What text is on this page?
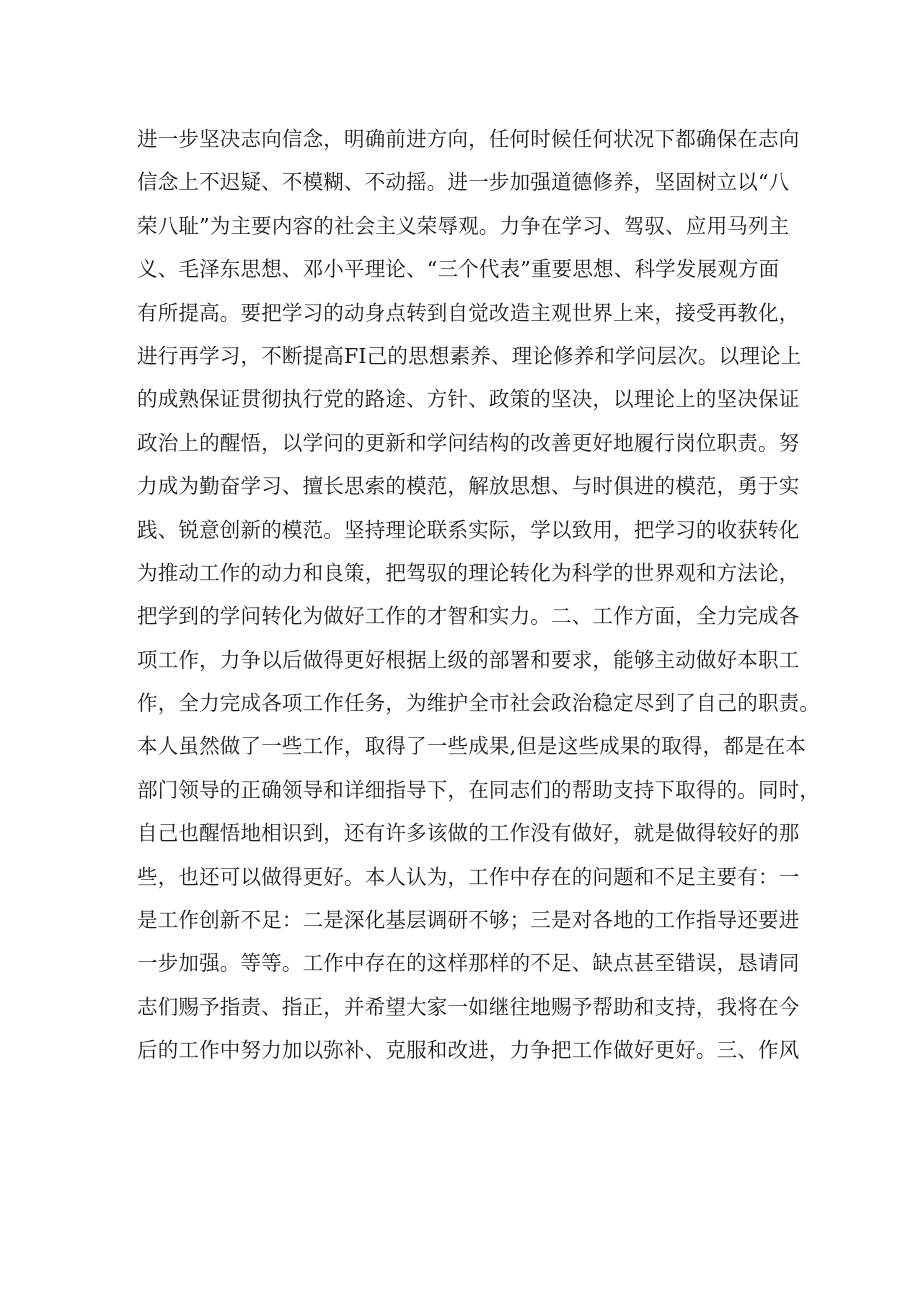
进一步坚决志向信念，明确前进方向，任何时候任何状况下都确保在志向
信念上不迟疑、不模糊、不动摇。进一步加强道德修养，坚固树立以“八
荣八耻”为主要内容的社会主义荣辱观。力争在学习、驾驭、应用马列主
义、毛泽东思想、邓小平理论、“三个代表”重要思想、科学发展观方面
有所提高。要把学习的动身点转到自觉改造主观世界上来，接受再教化，
进行再学习，不断提高FI己的思想素养、理论修养和学问层次。以理论上
的成熟保证贯彻执行党的路途、方针、政策的坚决，以理论上的坚决保证
政治上的醒悟，以学问的更新和学问结构的改善更好地履行岗位职责。努
力成为勤奋学习、擅长思索的模范，解放思想、与时俱进的模范，勇于实
践、锐意创新的模范。坚持理论联系实际，学以致用，把学习的收获转化
为推动工作的动力和良策，把驾驭的理论转化为科学的世界观和方法论，
把学到的学问转化为做好工作的才智和实力。二、工作方面，全力完成各
项工作，力争以后做得更好根据上级的部署和要求，能够主动做好本职工
作，全力完成各项工作任务，为维护全市社会政治稳定尽到了自己的职责。
本人虽然做了一些工作，取得了一些成果,但是这些成果的取得，都是在本
部门领导的正确领导和详细指导下，在同志们的帮助支持下取得的。同时，
自己也醒悟地相识到，还有许多该做的工作没有做好，就是做得较好的那
些，也还可以做得更好。本人认为，工作中存在的问题和不足主要有：一
是工作创新不足：二是深化基层调研不够；三是对各地的工作指导还要进
一步加强。等等。工作中存在的这样那样的不足、缺点甚至错误，恳请同
志们赐予指责、指正，并希望大家一如继往地赐予帮助和支持，我将在今
后的工作中努力加以弥补、克服和改进，力争把工作做好更好。三、作风
